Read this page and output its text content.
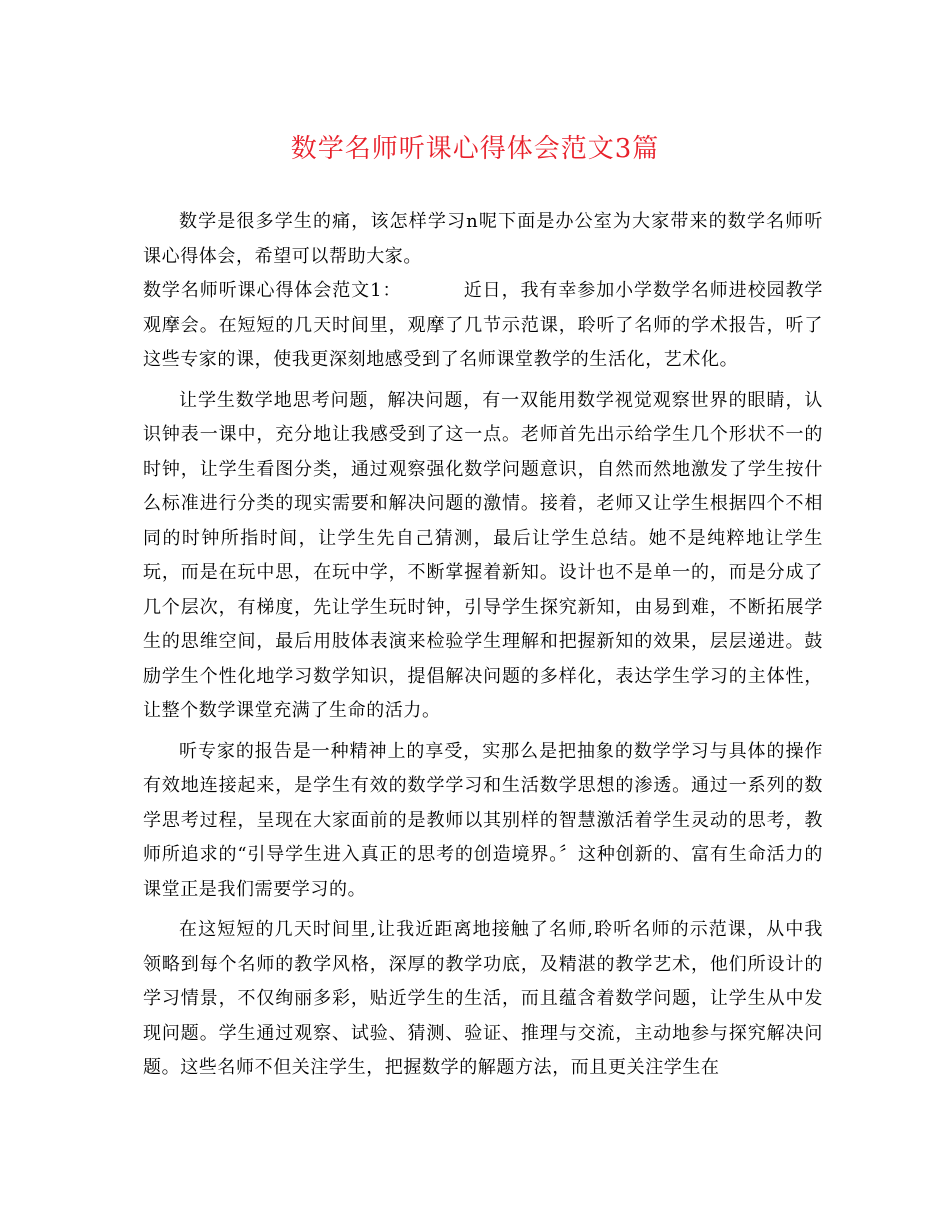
数学名师听课心得体会范文3篇

数学是很多学生的痛，该怎样学习n呢下面是办公室为大家带来的数学名师听课心得体会，希望可以帮助大家。

数学名师听课心得体会范文1：	近日，我有幸参加小学数学名师进校园教学观摩会。在短短的几天时间里，观摩了几节示范课，聆听了名师的学术报告，听了这些专家的课，使我更深刻地感受到了名师课堂教学的生活化，艺术化。

让学生数学地思考问题，解决问题，有一双能用数学视觉观察世界的眼睛，认识钟表一课中，充分地让我感受到了这一点。老师首先出示给学生几个形状不一的时钟，让学生看图分类，通过观察强化数学问题意识，自然而然地激发了学生按什么标准进行分类的现实需要和解决问题的激情。接着，老师又让学生根据四个不相同的时钟所指时间，让学生先自己猜测，最后让学生总结。她不是纯粹地让学生玩，而是在玩中思，在玩中学，不断掌握着新知。设计也不是单一的，而是分成了几个层次，有梯度，先让学生玩时钟，引导学生探究新知，由易到难，不断拓展学生的思维空间，最后用肢体表演来检验学生理解和把握新知的效果，层层递进。鼓励学生个性化地学习数学知识，提倡解决问题的多样化，表达学生学习的主体性，让整个数学课堂充满了生命的活力。

听专家的报告是一种精神上的享受，实那么是把抽象的数学学习与具体的操作有效地连接起来，是学生有效的数学学习和生活数学思想的渗透。通过一系列的数学思考过程，呈现在大家面前的是教师以其别样的智慧激活着学生灵动的思考，教师所追求的“引导学生进入真正的思考的创造境界。〞这种创新的、富有生命活力的课堂正是我们需要学习的。

在这短短的几天时间里,让我近距离地接触了名师,聆听名师的示范课，从中我领略到每个名师的教学风格，深厚的教学功底，及精湛的教学艺术，他们所设计的学习情景，不仅绚丽多彩，贴近学生的生活，而且蕴含着数学问题，让学生从中发现问题。学生通过观察、试验、猜测、验证、推理与交流，主动地参与探究解决问题。这些名师不但关注学生，把握数学的解题方法，而且更关注学生在
